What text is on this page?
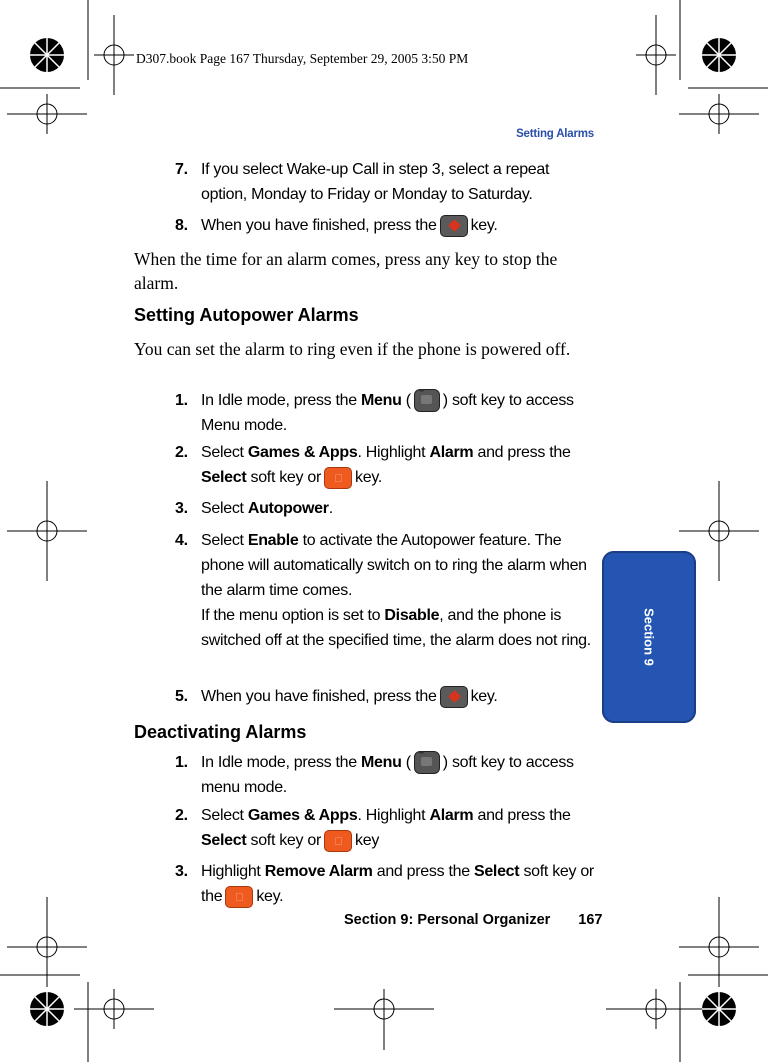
D307.book Page 167 Thursday, September 29, 2005 3:50 PM
Setting Alarms
7. If you select Wake-up Call in step 3, select a repeat option, Monday to Friday or Monday to Saturday.
8. When you have finished, press the key.
When the time for an alarm comes, press any key to stop the alarm.
Setting Autopower Alarms
You can set the alarm to ring even if the phone is powered off.
1. In Idle mode, press the Menu ( ••• ) soft key to access Menu mode.
2. Select Games & Apps. Highlight Alarm and press the Select soft key or key.
3. Select Autopower.
4. Select Enable to activate the Autopower feature. The phone will automatically switch on to ring the alarm when the alarm time comes.
If the menu option is set to Disable, and the phone is switched off at the specified time, the alarm does not ring.
5. When you have finished, press the key.
Deactivating Alarms
1. In Idle mode, press the Menu ( ••• ) soft key to access menu mode.
2. Select Games & Apps. Highlight Alarm and press the Select soft key or key
3. Highlight Remove Alarm and press the Select soft key or the key.
Section 9
Section 9: Personal Organizer 167
